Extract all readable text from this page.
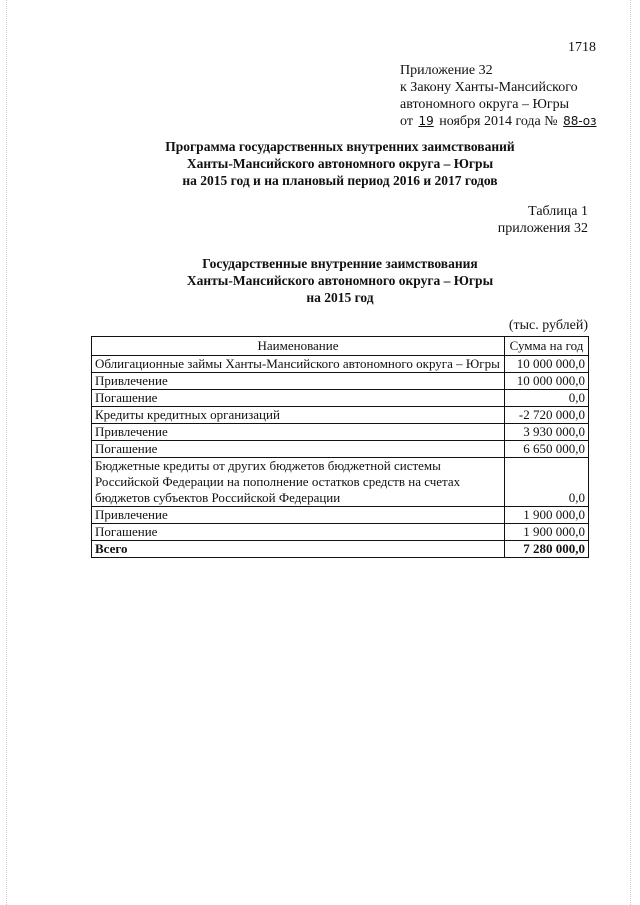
1718
Приложение 32
к Закону Ханты-Мансийского
автономного округа – Югры
от 19 ноября 2014 года № 88-оз
Программа государственных внутренних заимствований
Ханты-Мансийского автономного округа – Югры
на 2015 год и на плановый период 2016 и 2017 годов
Таблица 1
приложения 32
Государственные внутренние заимствования
Ханты-Мансийского автономного округа – Югры
на 2015 год
(тыс. рублей)
Наименование	Сумма на год
Облигационные займы Ханты-Мансийского автономного округа – Югры	10 000 000,0
Привлечение	10 000 000,0
Погашение	0,0
Кредиты кредитных организаций	-2 720 000,0
Привлечение	3 930 000,0
Погашение	6 650 000,0
Бюджетные кредиты от других бюджетов бюджетной системы Российской Федерации на пополнение остатков средств на счетах бюджетов субъектов Российской Федерации	0,0
Привлечение	1 900 000,0
Погашение	1 900 000,0
Всего	7 280 000,0
